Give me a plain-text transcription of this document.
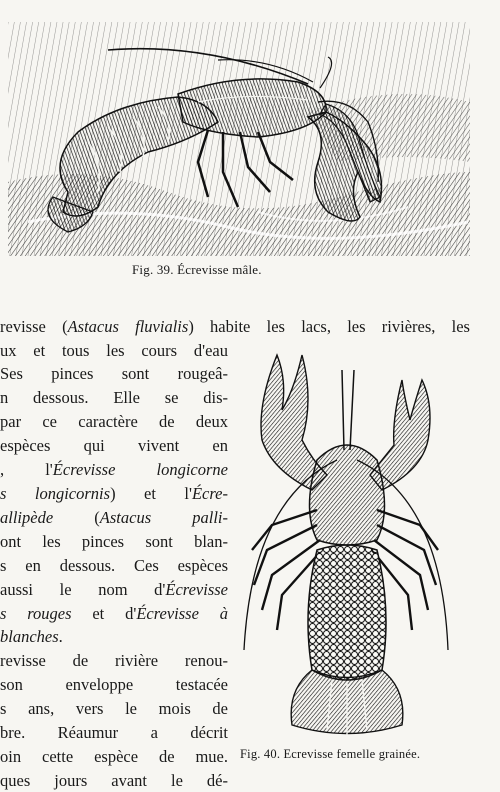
Fig. 39. Écrevisse mâle.
revisse (Astacus fluvialis) habite les lacs, les rivières, les
ux et tous les cours d'eau
Ses pinces sont rougeâ-
n dessous. Elle se dis-
par ce caractère de deux
espèces qui vivent en
, l'Écrevisse longicorne
s longicornis) et l'Écre-
allipède (Astacus palli-
ont les pinces sont blan-
s en dessous. Ces espèces
aussi le nom d'Écrevisse
s rouges et d'Écrevisse à
blanches.
revisse de rivière renou-
son enveloppe testacée
s ans, vers le mois de
bre. Réaumur a décrit
oin cette espèce de mue.
ques jours avant le dé-
Fig. 40. Ecrevisse femelle grainée.
